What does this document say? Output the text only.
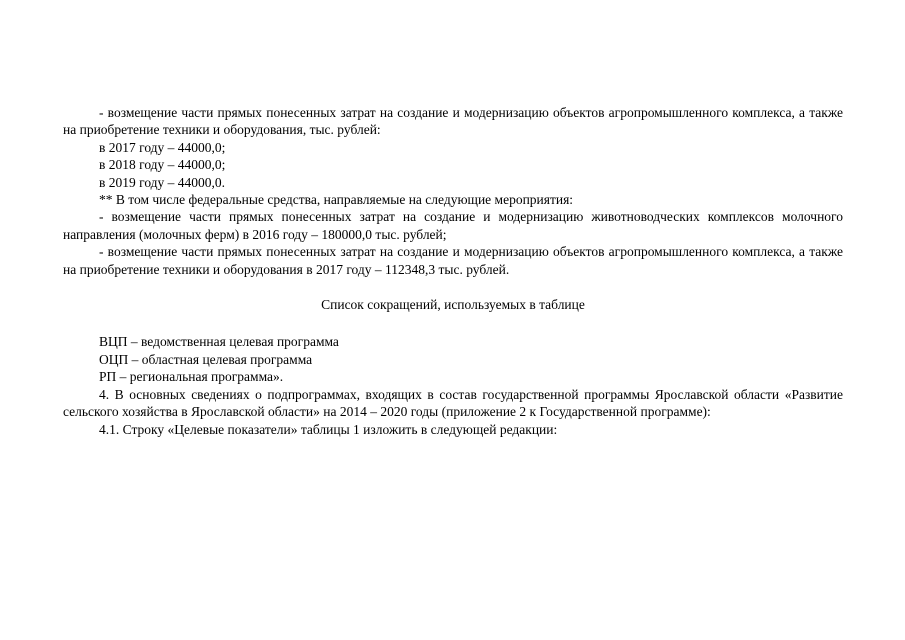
- возмещение части прямых понесенных затрат на создание и модернизацию объектов агропромышленного комплекса, а также на приобретение техники и оборудования, тыс. рублей:

в 2017 году – 44000,0;

в 2018 году – 44000,0;

в 2019 году – 44000,0.

** В том числе федеральные средства, направляемые на следующие мероприятия:

- возмещение части прямых понесенных затрат на создание и модернизацию животноводческих комплексов молочного направления (молочных ферм) в 2016 году – 180000,0 тыс. рублей;

- возмещение части прямых понесенных затрат на создание и модернизацию объектов агропромышленного комплекса, а также на приобретение техники и оборудования в 2017 году – 112348,3 тыс. рублей.

Список сокращений, используемых в таблице

ВЦП – ведомственная целевая программа

ОЦП – областная целевая программа

РП – региональная программа».

4. В основных сведениях о подпрограммах, входящих в состав государственной программы Ярославской области «Развитие сельского хозяйства в Ярославской области» на 2014 – 2020 годы (приложение 2 к Государственной программе):

4.1. Строку «Целевые показатели» таблицы 1 изложить в следующей редакции:
